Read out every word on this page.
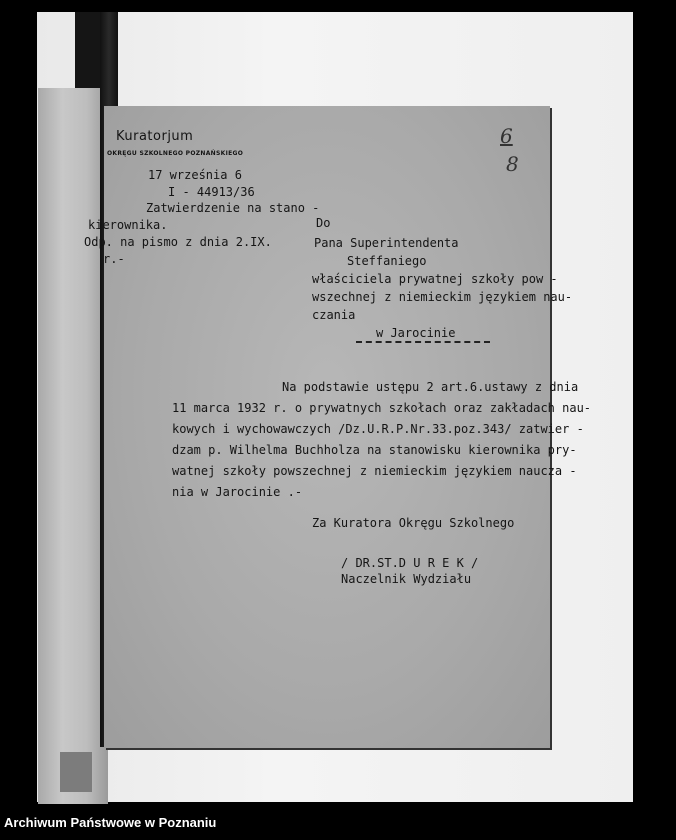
Kuratorjum
OKRĘGU SZKOLNEGO POZNAŃSKIEGO
6
8
17 września 6
I - 44913/36
Zatwierdzenie na stano -
kierownika.
Odp. na pismo z dnia 2.IX.
r.-
Do
Pana Superintendenta
Steffaniego
właściciela prywatnej szkoły pow -
wszechnej z niemieckim językiem nau-
czania
w Jarocinie
Na podstawie ustępu 2 art.6.ustawy z dnia
11 marca 1932 r. o prywatnych szkołach oraz zakładach nau-
kowych i wychowawczych /Dz.U.R.P.Nr.33.poz.343/ zatwier -
dzam p. Wilhelma Buchholza na stanowisku kierownika pry-
watnej szkoły powszechnej z niemieckim językiem naucza -
nia w Jarocinie .-
Za Kuratora Okręgu Szkolnego
/ DR.ST.D U R E K /
Naczelnik Wydziału
Archiwum Państwowe w Poznaniu
